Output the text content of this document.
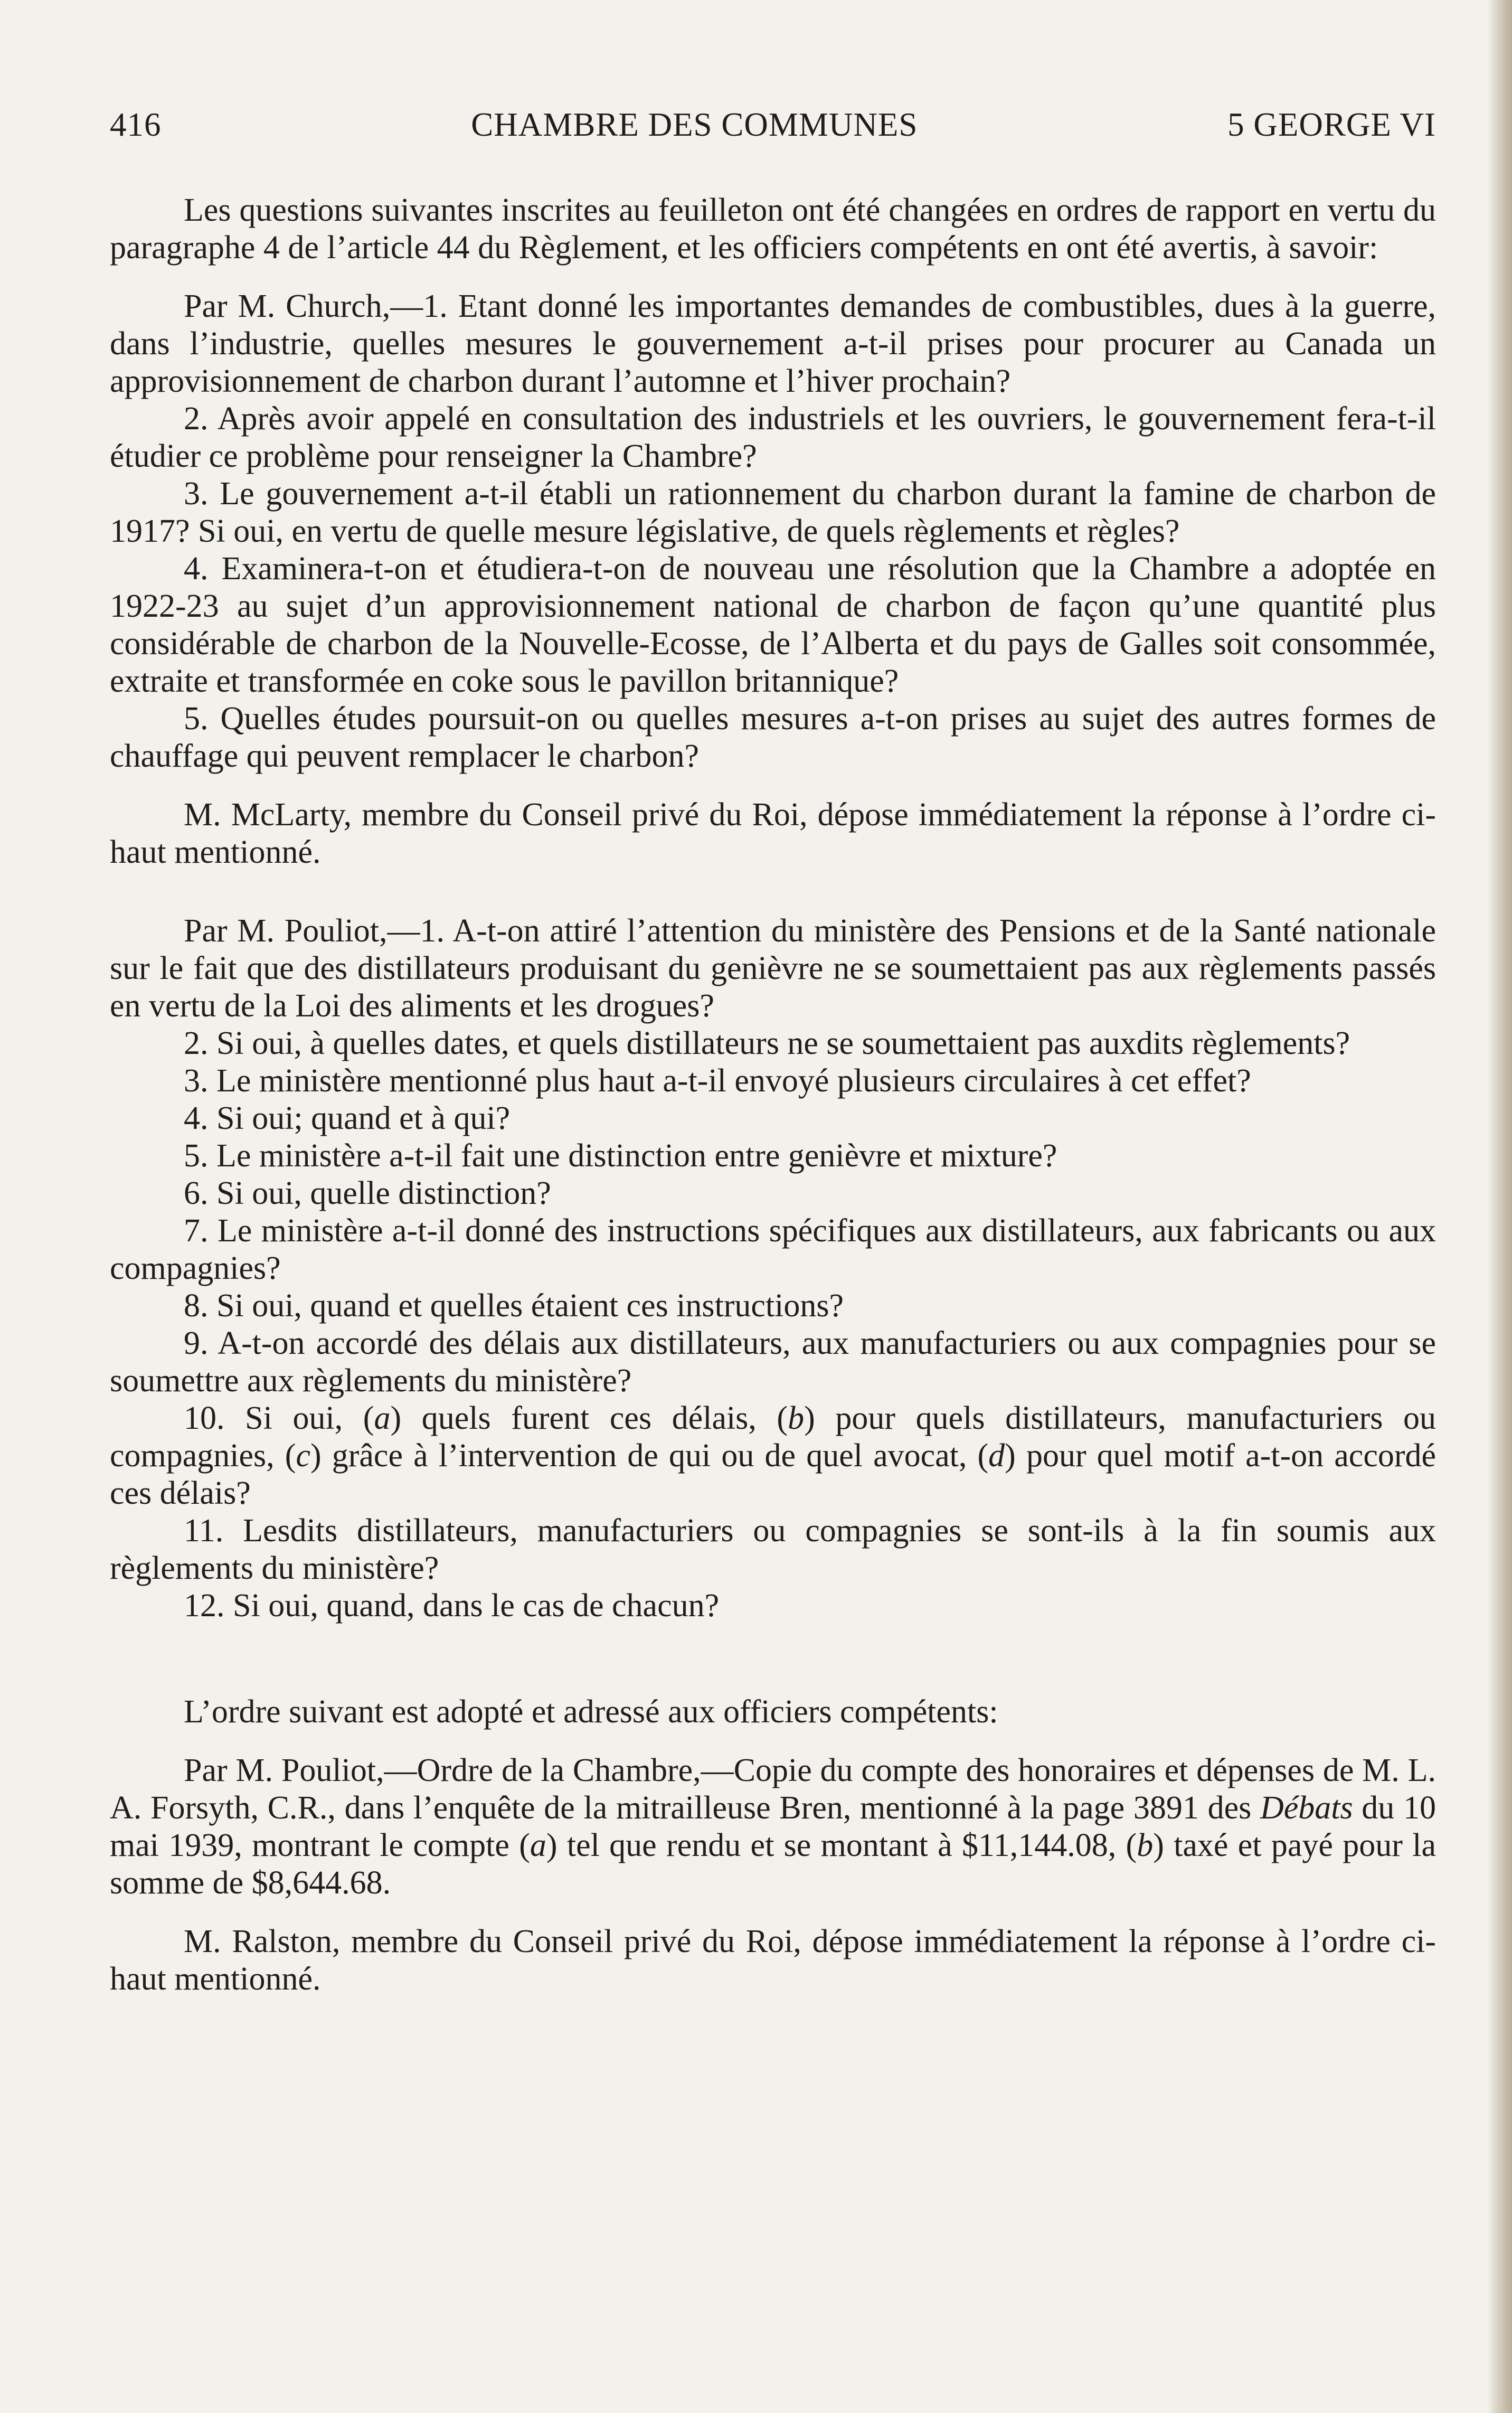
416	CHAMBRE DES COMMUNES	5 GEORGE VI

Les questions suivantes inscrites au feuilleton ont été changées en ordres de rapport en vertu du paragraphe 4 de l’article 44 du Règlement, et les officiers compétents en ont été avertis, à savoir:

Par M. Church,—1. Etant donné les importantes demandes de combustibles, dues à la guerre, dans l’industrie, quelles mesures le gouvernement a-t-il prises pour procurer au Canada un approvisionnement de charbon durant l’automne et l’hiver prochain?

2. Après avoir appelé en consultation des industriels et les ouvriers, le gouvernement fera-t-il étudier ce problème pour renseigner la Chambre?

3. Le gouvernement a-t-il établi un rationnement du charbon durant la famine de charbon de 1917? Si oui, en vertu de quelle mesure législative, de quels règlements et règles?

4. Examinera-t-on et étudiera-t-on de nouveau une résolution que la Chambre a adoptée en 1922-23 au sujet d’un approvisionnement national de charbon de façon qu’une quantité plus considérable de charbon de la Nouvelle-Ecosse, de l’Alberta et du pays de Galles soit consommée, extraite et transformée en coke sous le pavillon britannique?

5. Quelles études poursuit-on ou quelles mesures a-t-on prises au sujet des autres formes de chauffage qui peuvent remplacer le charbon?

M. McLarty, membre du Conseil privé du Roi, dépose immédiatement la réponse à l’ordre ci-haut mentionné.

Par M. Pouliot,—1. A-t-on attiré l’attention du ministère des Pensions et de la Santé nationale sur le fait que des distillateurs produisant du genièvre ne se soumettaient pas aux règlements passés en vertu de la Loi des aliments et les drogues?

2. Si oui, à quelles dates, et quels distillateurs ne se soumettaient pas auxdits règlements?

3. Le ministère mentionné plus haut a-t-il envoyé plusieurs circulaires à cet effet?

4. Si oui; quand et à qui?

5. Le ministère a-t-il fait une distinction entre genièvre et mixture?

6. Si oui, quelle distinction?

7. Le ministère a-t-il donné des instructions spécifiques aux distillateurs, aux fabricants ou aux compagnies?

8. Si oui, quand et quelles étaient ces instructions?

9. A-t-on accordé des délais aux distillateurs, aux manufacturiers ou aux compagnies pour se soumettre aux règlements du ministère?

10. Si oui, (a) quels furent ces délais, (b) pour quels distillateurs, manufacturiers ou compagnies, (c) grâce à l’intervention de qui ou de quel avocat, (d) pour quel motif a-t-on accordé ces délais?

11. Lesdits distillateurs, manufacturiers ou compagnies se sont-ils à la fin soumis aux règlements du ministère?

12. Si oui, quand, dans le cas de chacun?

L’ordre suivant est adopté et adressé aux officiers compétents:

Par M. Pouliot,—Ordre de la Chambre,—Copie du compte des honoraires et dépenses de M. L. A. Forsyth, C.R., dans l’enquête de la mitrailleuse Bren, mentionné à la page 3891 des Débats du 10 mai 1939, montrant le compte (a) tel que rendu et se montant à $11,144.08, (b) taxé et payé pour la somme de $8,644.68.

M. Ralston, membre du Conseil privé du Roi, dépose immédiatement la réponse à l’ordre ci-haut mentionné.
